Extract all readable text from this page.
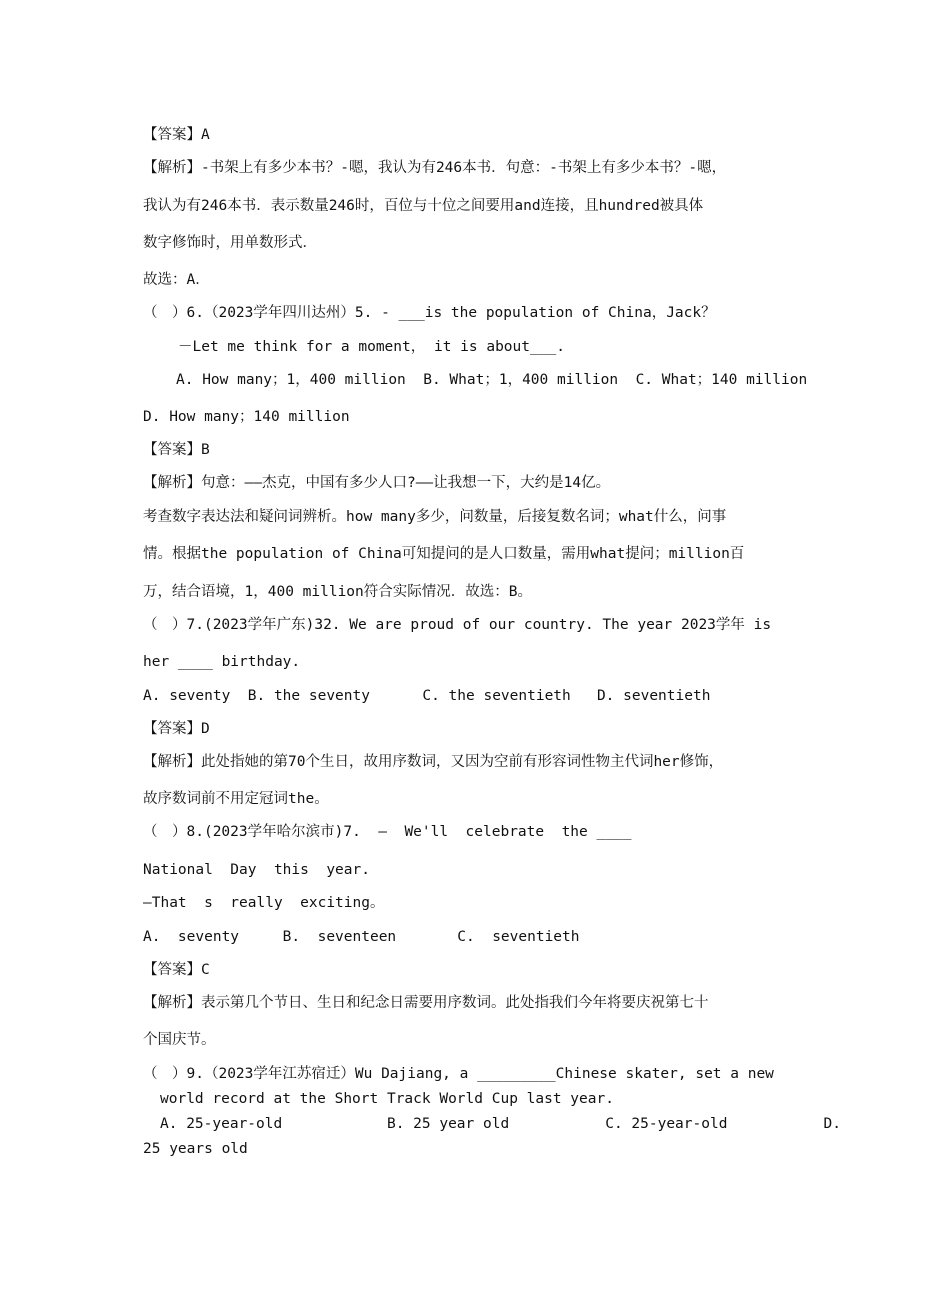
【答案】A
【解析】-书架上有多少本书？-嗯，我认为有246本书．句意：-书架上有多少本书？-嗯，
我认为有246本书．表示数量246时，百位与十位之间要用and连接，且hundred被具体
数字修饰时，用单数形式．
故选：A．
（　）6.（2023学年四川达州）5. - ___is the population of China，Jack？
－Let me think for a moment， it is about___.
A. How many；1，400 million  B. What；1，400 million  C. What；140 million
D. How many；140 million
【答案】B
【解析】句意：——杰克，中国有多少人口?——让我想一下，大约是14亿。
考查数字表达法和疑问词辨析。how many多少，问数量，后接复数名词；what什么，问事
情。根据the population of China可知提问的是人口数量，需用what提问；million百
万，结合语境，1，400 million符合实际情况．故选：B。
（　）7.(2023学年广东)32. We are proud of our country. The year 2023学年 is
her ____ birthday.
A. seventy  B. the seventy      C. the seventieth   D. seventieth
【答案】D
【解析】此处指她的第70个生日，故用序数词，又因为空前有形容词性物主代词her修饰，
故序数词前不用定冠词the。
（　）8.(2023学年哈尔滨市)7.  —  We'll  celebrate  the ____
National  Day  this  year.
—That  s  really  exciting。
A.  seventy     B.  seventeen       C.  seventieth
【答案】C
【解析】表示第几个节日、生日和纪念日需要用序数词。此处指我们今年将要庆祝第七十
个国庆节。
（　）9.（2023学年江苏宿迁）Wu Dajiang, a _________Chinese skater, set a new
world record at the Short Track World Cup last year.
A. 25-year-old            B. 25 year old           C. 25-year-old           D.
25 years old
